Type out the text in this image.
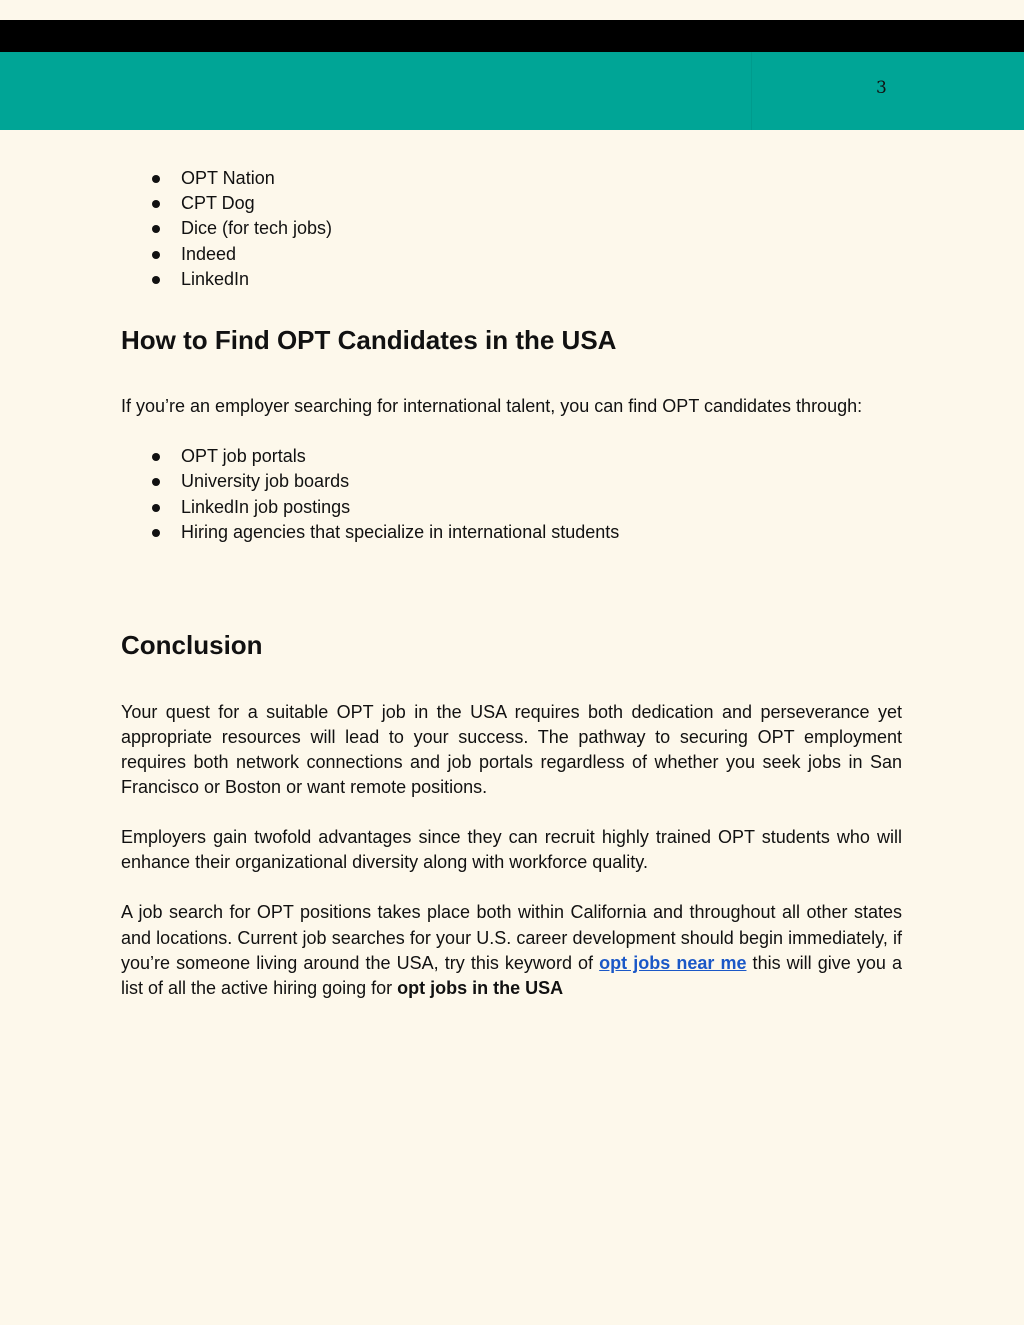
3
OPT Nation
CPT Dog
Dice (for tech jobs)
Indeed
LinkedIn
How to Find OPT Candidates in the USA

If you’re an employer searching for international talent, you can find OPT candidates through:

OPT job portals
University job boards
LinkedIn job postings
Hiring agencies that specialize in international students
Conclusion

Your quest for a suitable OPT job in the USA requires both dedication and perseverance yet appropriate resources will lead to your success. The pathway to securing OPT employment requires both network connections and job portals regardless of whether you seek jobs in San Francisco or Boston or want remote positions.

Employers gain twofold advantages since they can recruit highly trained OPT students who will enhance their organizational diversity along with workforce quality.

A job search for OPT positions takes place both within California and throughout all other states and locations. Current job searches for your U.S. career development should begin immediately, if you’re someone living around the USA, try this keyword of opt jobs near me this will give you a list of all the active hiring going for opt jobs in the USA
